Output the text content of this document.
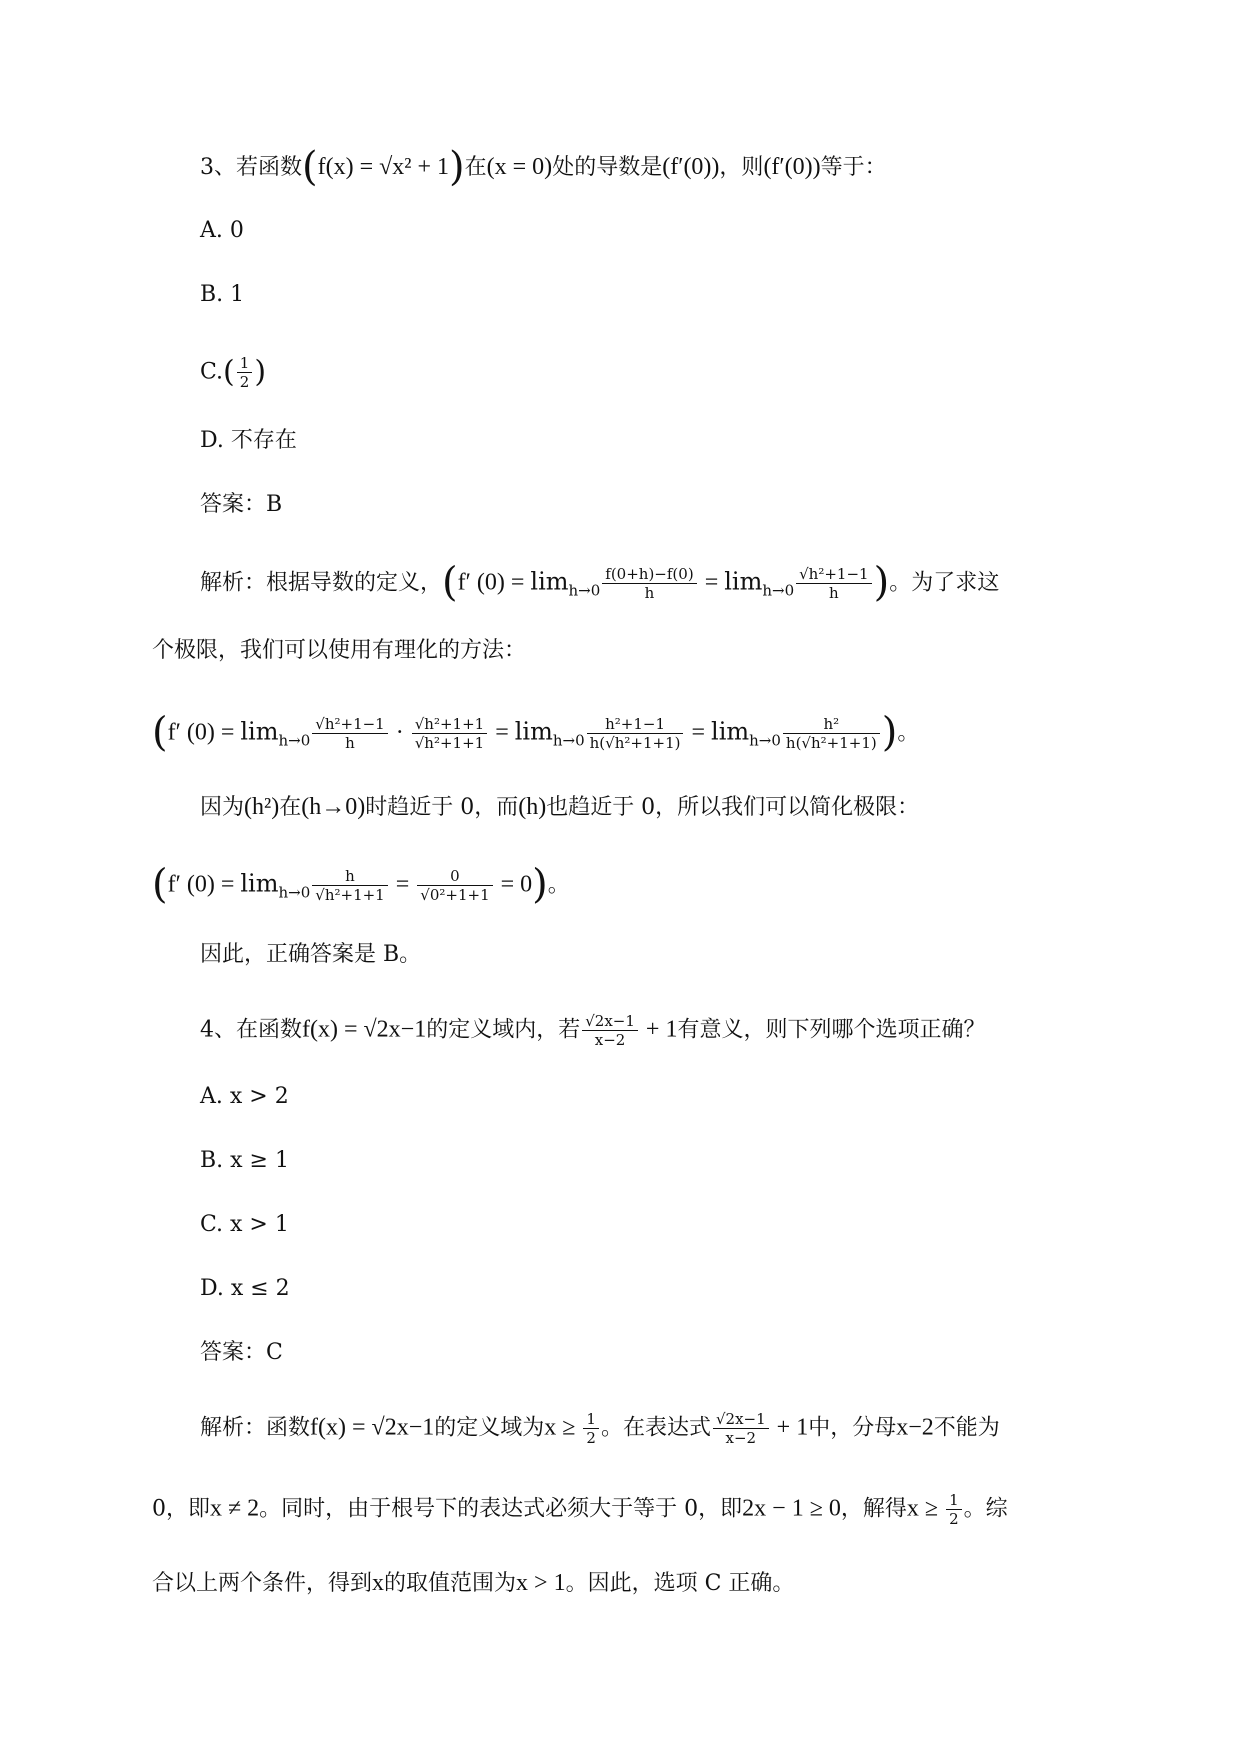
3、若函数(f(x) = √x² + 1)在(x = 0)处的导数是(f′(0))，则(f′(0))等于：
A. 0
B. 1
$C.( \frac{1}{2}$ )
D. 不存在
答案：B
解析：根据导数的定义，(f′ $(0) = \lim_{h\to 0} \frac{f(0+h)-f(0)}{h} = \lim_{h\to 0} \frac{\text{√h²+1−1}}{h}$ )。为了求这
个极限，我们可以使用有理化的方法：
(f′ $(0) = \lim_{h\to 0} \frac{\text{√h²+1−1}}{h} \cdot \frac{\text{√h²+1+1}}{\text{√h²+1+1}} = \lim_{h\to 0} \frac{\text{h²+1−1}}{\text{h(√h²+1+1)}} = \lim_{h\to 0} \frac{\text{h²}}{\text{h(√h²+1+1)}}$ )。
因为(h²)在(h→0)时趋近于 0，而(h)也趋近于 0，所以我们可以简化极限：
(f′ $(0) = \lim_{h\to 0} \frac{h}{\text{√h²+1+1}} = \frac{0}{\text{√0²+1+1}} = 0$)。
因此，正确答案是 B。
4、在函数f(x) = √2x−1的定义域内，若 $\frac{√2x-1}{x-2} + 1$有意义，则下列哪个选项正确？
A. x > 2
B. x ≥ 1
C. x > 1
D. x ≤ 2
答案：C
解析：函数f(x) = √2x−1的定义域为$x \ge \frac{1}{2}$ 。在表达式 $\frac{√2x-1}{x-2} + 1$中，分母x−2不能为
0，即x ≠ 2。同时，由于根号下的表达式必须大于等于 0，即2x − 1 ≥ 0，解得$x \ge \frac{1}{2}$ 。综
合以上两个条件，得到x的取值范围为x > 1。因此，选项 C 正确。
